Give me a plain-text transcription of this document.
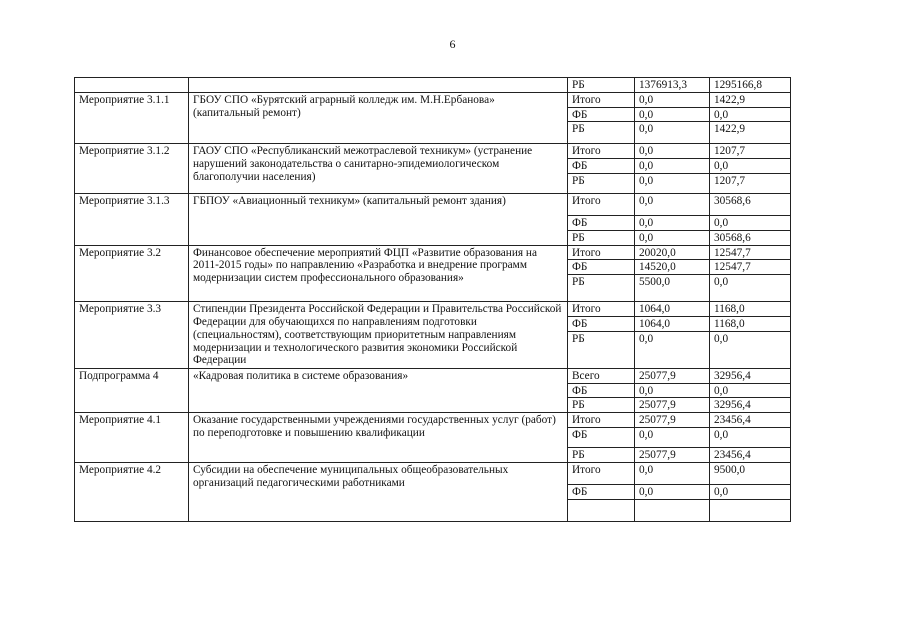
6
		РБ	1376913,3	1295166,8
Мероприятие 3.1.1	ГБОУ СПО «Бурятский аграрный колледж им. М.Н.Ербанова» (капитальный ремонт)	Итого	0,0	1422,9
		ФБ	0,0	0,0
		РБ	0,0	1422,9
Мероприятие 3.1.2	ГАОУ СПО «Республиканский межотраслевой техникум» (устранение нарушений законодательства о санитарно-эпидемиологическом благополучии населения)	Итого	0,0	1207,7
		ФБ	0,0	0,0
		РБ	0,0	1207,7
Мероприятие 3.1.3	ГБПОУ «Авиационный техникум» (капитальный ремонт здания)	Итого	0,0	30568,6
		ФБ	0,0	0,0
		РБ	0,0	30568,6
Мероприятие 3.2	Финансовое обеспечение мероприятий ФЦП «Развитие образования на 2011-2015 годы» по направлению «Разработка и внедрение программ модернизации систем профессионального образования»	Итого	20020,0	12547,7
		ФБ	14520,0	12547,7
		РБ	5500,0	0,0
Мероприятие 3.3	Стипендии Президента Российской Федерации и Правительства Российской Федерации для обучающихся по направлениям подготовки (специальностям), соответствующим приоритетным направлениям модернизации и технологического развития экономики Российской Федерации	Итого	1064,0	1168,0
		ФБ	1064,0	1168,0
		РБ	0,0	0,0
Подпрограмма 4	«Кадровая политика в системе образования»	Всего	25077,9	32956,4
		ФБ	0,0	0,0
		РБ	25077,9	32956,4
Мероприятие 4.1	Оказание государственными учреждениями государственных услуг (работ) по переподготовке и повышению квалификации	Итого	25077,9	23456,4
		ФБ	0,0	0,0
		РБ	25077,9	23456,4
Мероприятие 4.2	Субсидии на обеспечение муниципальных общеобразовательных организаций педагогическими работниками	Итого	0,0	9500,0
		ФБ	0,0	0,0
